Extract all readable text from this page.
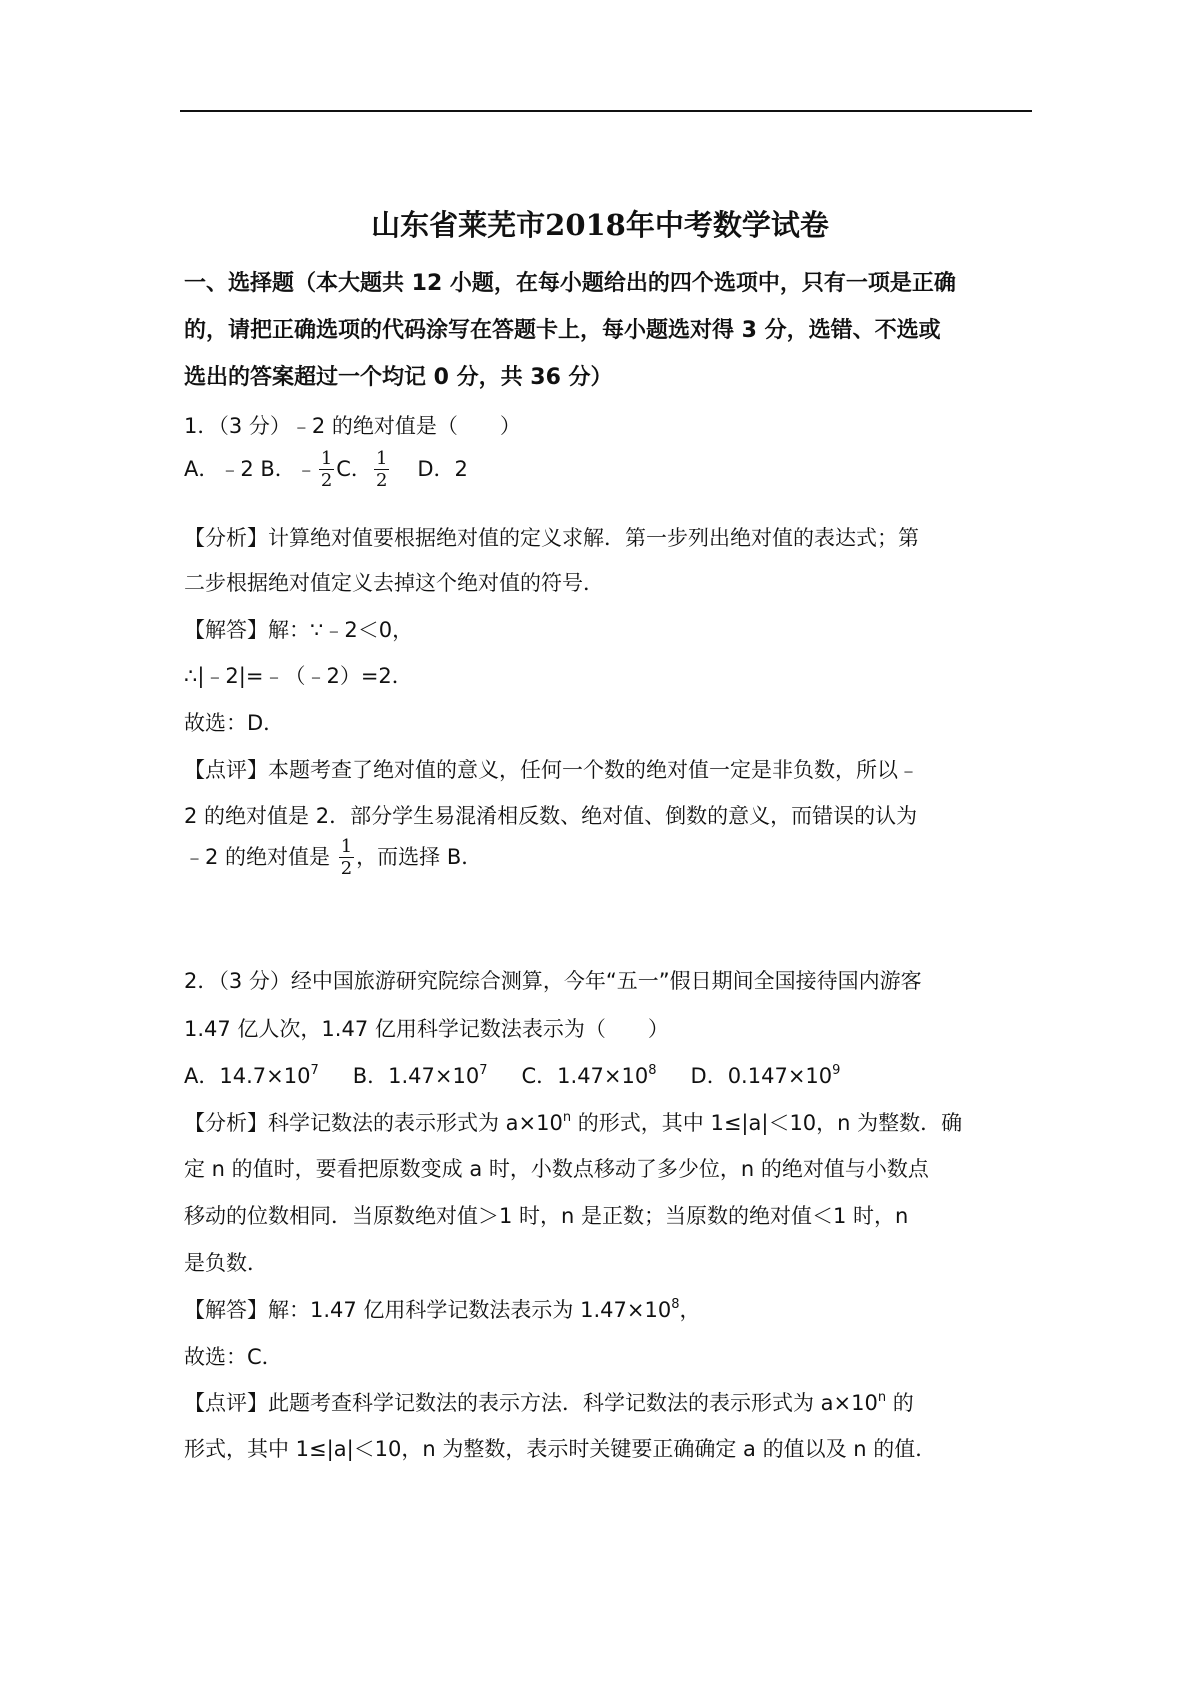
山东省莱芜市2018年中考数学试卷
一、选择题（本大题共 12 小题，在每小题给出的四个选项中，只有一项是正确
的，请把正确选项的代码涂写在答题卡上，每小题选对得 3 分，选错、不选或
选出的答案超过一个均记 0 分，共 36 分）
1．（3 分）﹣2 的绝对值是（　　）
A．﹣2 B．﹣ $\frac{1}{2}$ C． $\frac{1}{2}$ D．2
【分析】计算绝对值要根据绝对值的定义求解．第一步列出绝对值的表达式；第
二步根据绝对值定义去掉这个绝对值的符号．
【解答】解：∵﹣2＜0，
∴|﹣2|=﹣（﹣2）=2．
故选：D．
【点评】本题考查了绝对值的意义，任何一个数的绝对值一定是非负数，所以﹣
2 的绝对值是 2．部分学生易混淆相反数、绝对值、倒数的意义，而错误的认为
﹣2 的绝对值是 $\frac{1}{2}$ ，而选择 B．
2．（3 分）经中国旅游研究院综合测算，今年“五一”假日期间全国接待国内游客
1.47 亿人次，1.47 亿用科学记数法表示为（　　）
A．$14.7\times 10^7$ B．$1.47\times 10^7$ C．$1.47\times 10^8$ D．$0.147\times 10^9$
【分析】科学记数法的表示形式为 $a\times 10^n$ 的形式，其中 1≤|a|＜10，n 为整数．确
定 n 的值时，要看把原数变成 a 时，小数点移动了多少位，n 的绝对值与小数点
移动的位数相同．当原数绝对值＞1 时，n 是正数；当原数的绝对值＜1 时，n
是负数．
【解答】解：1.47 亿用科学记数法表示为 $1.47\times 10^8$，
故选：C．
【点评】此题考查科学记数法的表示方法．科学记数法的表示形式为 $a\times 10^n$ 的
形式，其中 1≤|a|＜10，n 为整数，表示时关键要正确确定 a 的值以及 n 的值．
